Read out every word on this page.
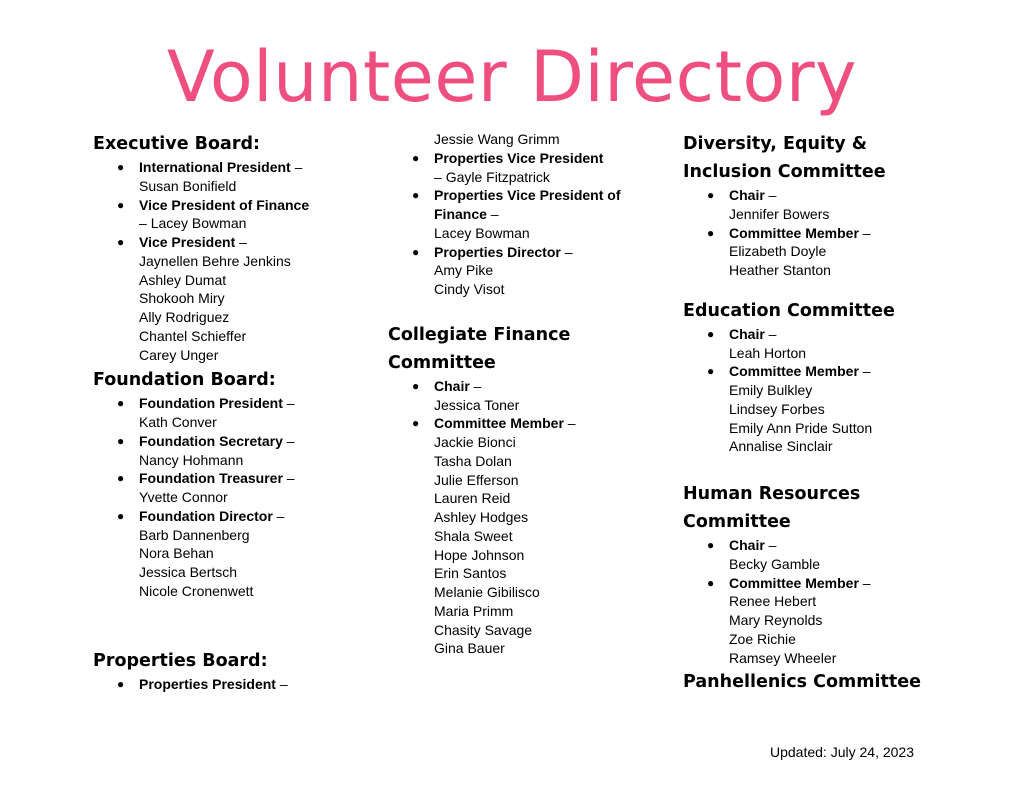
Volunteer Directory
Executive Board:
● International President –
Susan Bonifield
● Vice President of Finance
– Lacey Bowman
● Vice President –
Jaynellen Behre Jenkins
Ashley Dumat
Shokooh Miry
Ally Rodriguez
Chantel Schieffer
Carey Unger
Foundation Board:
● Foundation President –
Kath Conver
● Foundation Secretary –
Nancy Hohmann
● Foundation Treasurer –
Yvette Connor
● Foundation Director –
Barb Dannenberg
Nora Behan
Jessica Bertsch
Nicole Cronenwett
Properties Board:
● Properties President –
Jessie Wang Grimm
● Properties Vice President
– Gayle Fitzpatrick
● Properties Vice President of Finance –
Lacey Bowman
● Properties Director –
Amy Pike
Cindy Visot
Collegiate Finance Committee
● Chair –
Jessica Toner
● Committee Member –
Jackie Bionci
Tasha Dolan
Julie Efferson
Lauren Reid
Ashley Hodges
Shala Sweet
Hope Johnson
Erin Santos
Melanie Gibilisco
Maria Primm
Chasity Savage
Gina Bauer
Diversity, Equity & Inclusion Committee
● Chair –
Jennifer Bowers
● Committee Member –
Elizabeth Doyle
Heather Stanton
Education Committee
● Chair –
Leah Horton
● Committee Member –
Emily Bulkley
Lindsey Forbes
Emily Ann Pride Sutton
Annalise Sinclair
Human Resources Committee
● Chair –
Becky Gamble
● Committee Member –
Renee Hebert
Mary Reynolds
Zoe Richie
Ramsey Wheeler
Panhellenics Committee
Updated: July 24, 2023
